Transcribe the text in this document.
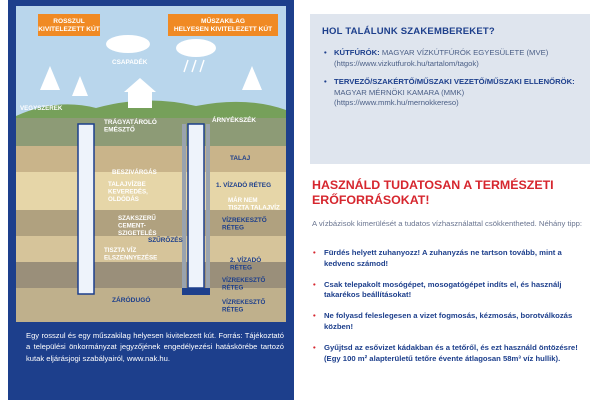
ROSSZUL KIVITELEZETT KÚT
MŰSZAKILAG HELYESEN KIVITELEZETT KÚT
CSAPADÉK
VEGYSZEREK
TRÁGYATÁROLÓ EMÉSZTŐ
ÁRNYÉKSZÉK
TALAJ
BESZIVÁRGÁS
1. VÍZADÓ RÉTEG
TALAJVÍZBE KEVEREDÉS, OLDÓDÁS	MÁR NEM TISZTA TALAJVÍZ
VÍZREKESZTŐ RÉTEG
SZAKSZERŰ CEMENT-SZIGETELÉS
SZŰRŐZÉS
TISZTA VÍZ ELSZENNYEZÉSE	2. VÍZADÓ RÉTEG
VÍZREKESZTŐ RÉTEG
ZÁRÓDUGÓ	VÍZREKESZTŐ RÉTEG

Egy rosszul és egy műszakilag helyesen kivitelezett kút. Forrás: Tájékoztató a települési önkormányzat jegyzőjének engedélyezési hatáskörébe tartozó kutak eljárásjogi szabályairól, www.nak.hu.

HOL TALÁLUNK SZAKEMBEREKET?
• KÚTFÚRÓK: MAGYAR VÍZKÚTFÚRÓK EGYESÜLETE (MVE) (https://www.vizkutfurok.hu/tartalom/tagok)
• TERVEZŐ/SZAKÉRTŐ/MŰSZAKI VEZETŐ/MŰSZAKI ELLENŐRÖK: MAGYAR MÉRNÖKI KAMARA (MMK) (https://www.mmk.hu/mernokkereso)
HASZNÁLD TUDATOSAN A TERMÉSZETI ERŐFORRÁSOKAT!

A vízbázisok kimerülését a tudatos vízhasználattal csökkentheted. Néhány tipp:

• Fürdés helyett zuhanyozz! A zuhanyzás ne tartson tovább, mint a kedvenc számod!
• Csak telepakolt mosógépet, mosogatógépet indíts el, és használj takarékos beállításokat!
• Ne folyasd feleslegesen a vizet fogmosás, kézmosás, borotválkozás közben!
• Gyűjtsd az esővizet kádakban és a tetőről, és ezt használd öntözésre! (Egy 100 m² alapterületű tetőre évente átlagosan 58m³ víz hullik).
